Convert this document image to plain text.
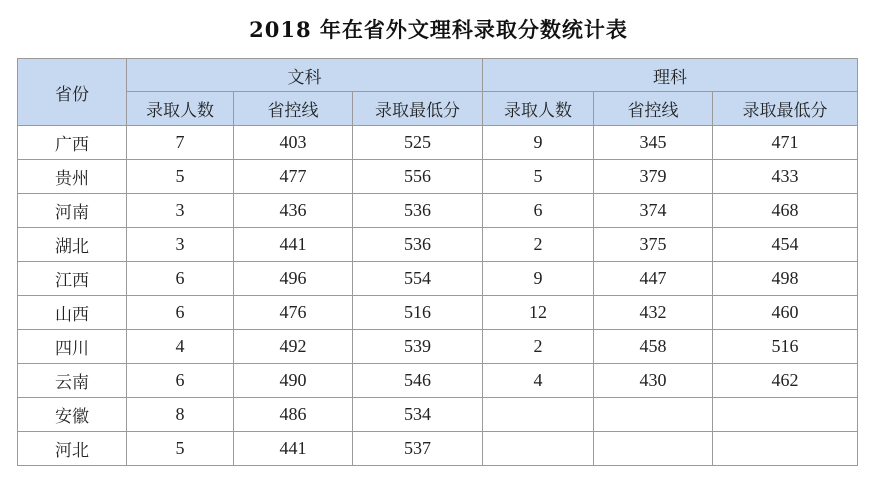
2018 年在省外文理科录取分数统计表
省份	文科			理科		
	录取人数	省控线	录取最低分	录取人数	省控线	录取最低分
广西	7	403	525	9	345	471
贵州	5	477	556	5	379	433
河南	3	436	536	6	374	468
湖北	3	441	536	2	375	454
江西	6	496	554	9	447	498
山西	6	476	516	12	432	460
四川	4	492	539	2	458	516
云南	6	490	546	4	430	462
安徽	8	486	534			
河北	5	441	537			
